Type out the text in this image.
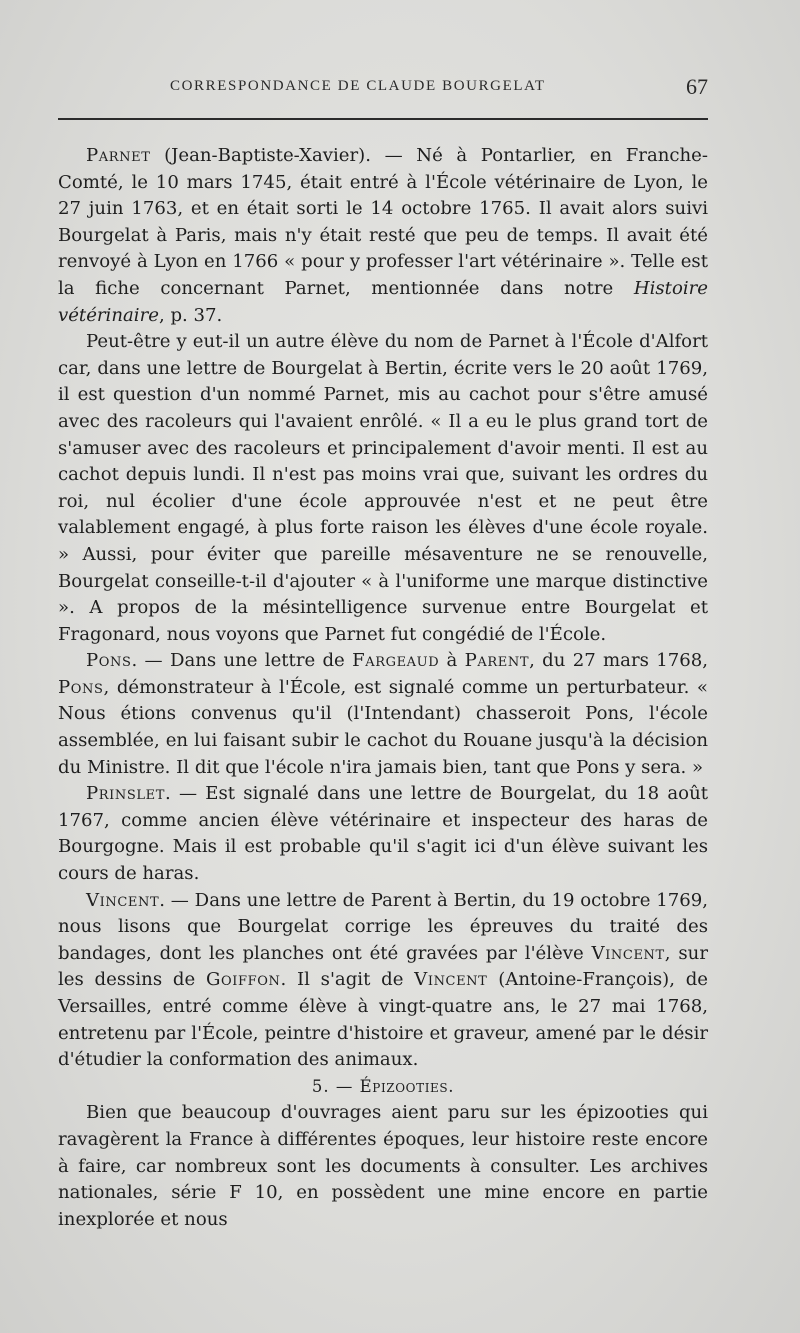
CORRESPONDANCE DE CLAUDE BOURGELAT	67

Parnet (Jean-Baptiste-Xavier). — Né à Pontarlier, en Franche-Comté, le 10 mars 1745, était entré à l'École vétérinaire de Lyon, le 27 juin 1763, et en était sorti le 14 octobre 1765. Il avait alors suivi Bourgelat à Paris, mais n'y était resté que peu de temps. Il avait été renvoyé à Lyon en 1766 « pour y professer l'art vétérinaire ». Telle est la fiche concernant Parnet, mentionnée dans notre Histoire vétérinaire, p. 37.

Peut-être y eut-il un autre élève du nom de Parnet à l'École d'Alfort car, dans une lettre de Bourgelat à Bertin, écrite vers le 20 août 1769, il est question d'un nommé Parnet, mis au cachot pour s'être amusé avec des racoleurs qui l'avaient enrôlé. « Il a eu le plus grand tort de s'amuser avec des racoleurs et principalement d'avoir menti. Il est au cachot depuis lundi. Il n'est pas moins vrai que, suivant les ordres du roi, nul écolier d'une école approuvée n'est et ne peut être valablement engagé, à plus forte raison les élèves d'une école royale. » Aussi, pour éviter que pareille mésaventure ne se renouvelle, Bourgelat conseille-t-il d'ajouter « à l'uniforme une marque distinctive ». A propos de la mésintelligence survenue entre Bourgelat et Fragonard, nous voyons que Parnet fut congédié de l'École.

Pons. — Dans une lettre de Fargeaud à Parent, du 27 mars 1768, Pons, démonstrateur à l'École, est signalé comme un perturbateur. « Nous étions convenus qu'il (l'Intendant) chasseroit Pons, l'école assemblée, en lui faisant subir le cachot du Rouane jusqu'à la décision du Ministre. Il dit que l'école n'ira jamais bien, tant que Pons y sera. »

Prinslet. — Est signalé dans une lettre de Bourgelat, du 18 août 1767, comme ancien élève vétérinaire et inspecteur des haras de Bourgogne. Mais il est probable qu'il s'agit ici d'un élève suivant les cours de haras.

Vincent. — Dans une lettre de Parent à Bertin, du 19 octobre 1769, nous lisons que Bourgelat corrige les épreuves du traité des bandages, dont les planches ont été gravées par l'élève Vincent, sur les dessins de Goiffon. Il s'agit de Vincent (Antoine-François), de Versailles, entré comme élève à vingt-quatre ans, le 27 mai 1768, entretenu par l'École, peintre d'histoire et graveur, amené par le désir d'étudier la conformation des animaux.

5. — Épizooties.

Bien que beaucoup d'ouvrages aient paru sur les épizooties qui ravagèrent la France à différentes époques, leur histoire reste encore à faire, car nombreux sont les documents à consulter. Les archives nationales, série F 10, en possèdent une mine encore en partie inexplorée et nous
